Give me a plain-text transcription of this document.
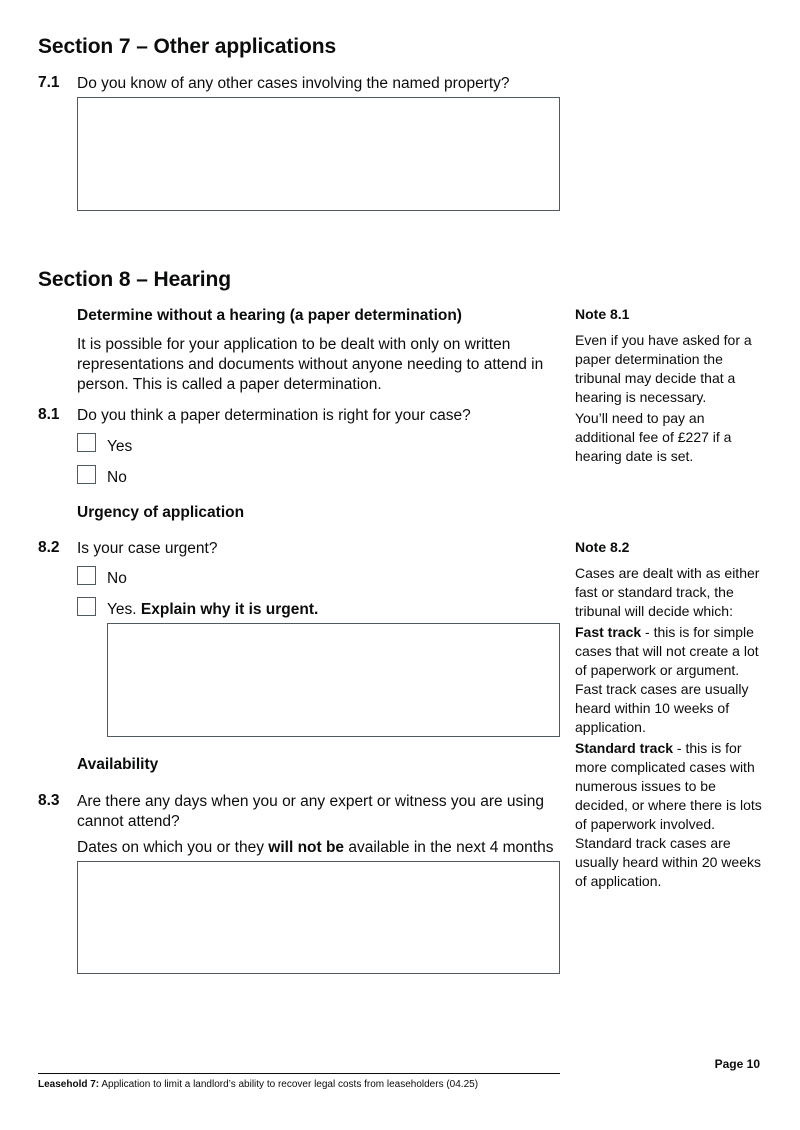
Section 7 – Other applications
7.1 Do you know of any other cases involving the named property?
Section 8 – Hearing
Determine without a hearing (a paper determination)
It is possible for your application to be dealt with only on written representations and documents without anyone needing to attend in person. This is called a paper determination.
8.1 Do you think a paper determination is right for your case?
Yes
No
Urgency of application
8.2 Is your case urgent?
No
Yes. Explain why it is urgent.
Availability
8.3 Are there any days when you or any expert or witness you are using cannot attend?
Dates on which you or they will not be available in the next 4 months
Note 8.1

Even if you have asked for a paper determination the tribunal may decide that a hearing is necessary.

You’ll need to pay an additional fee of £227 if a hearing date is set.

Note 8.2

Cases are dealt with as either fast or standard track, the tribunal will decide which:

Fast track - this is for simple cases that will not create a lot of paperwork or argument. Fast track cases are usually heard within 10 weeks of application.

Standard track - this is for more complicated cases with numerous issues to be decided, or where there is lots of paperwork involved. Standard track cases are usually heard within 20 weeks of application.

Page 10
Leasehold 7: Application to limit a landlord’s ability to recover legal costs from leaseholders (04.25)
